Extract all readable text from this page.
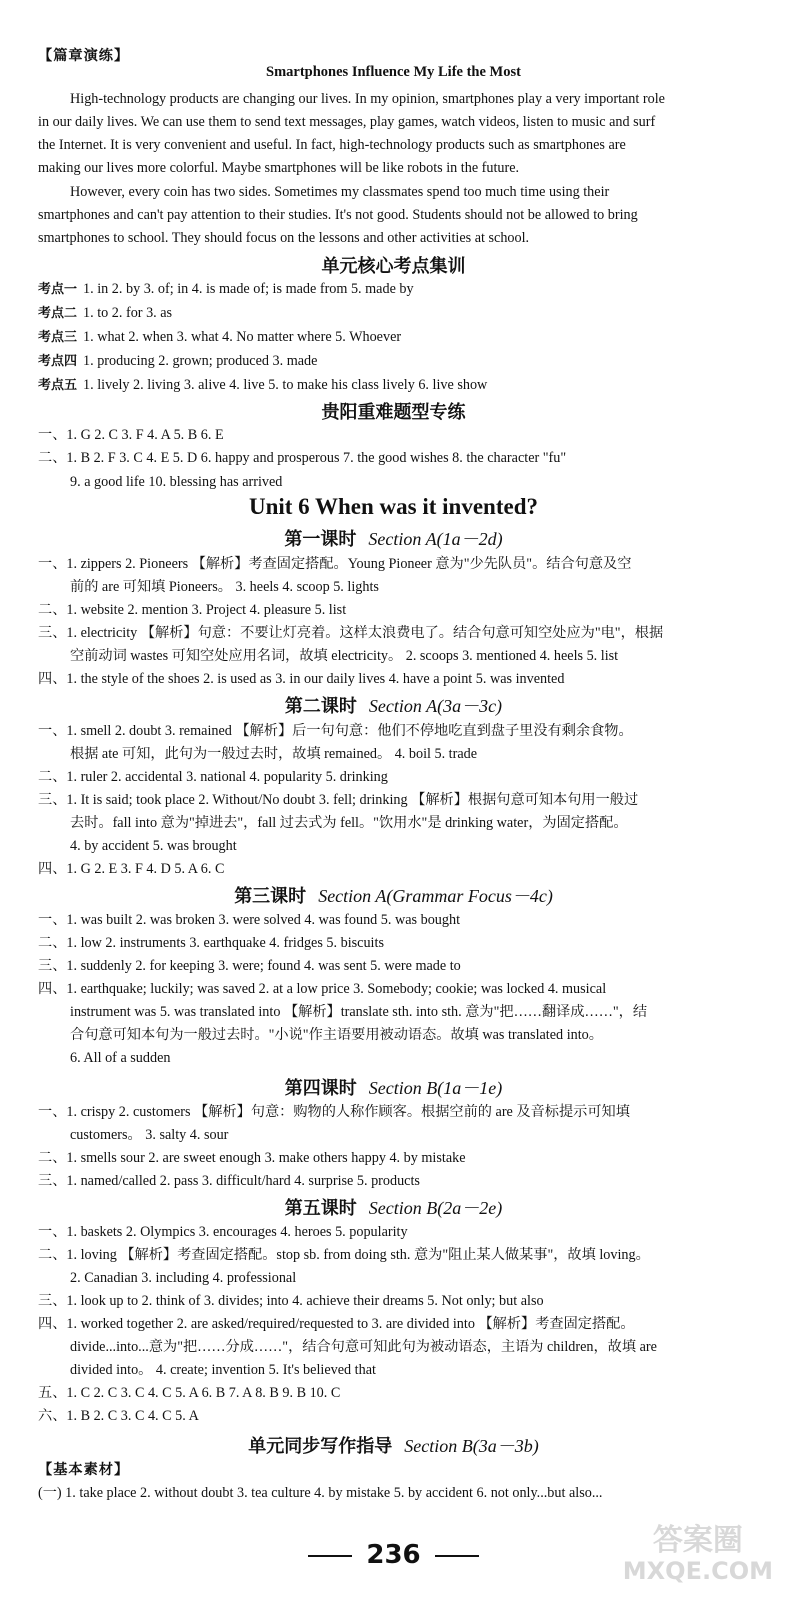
【篇章演练】
Smartphones Influence My Life the Most
High-technology products are changing our lives. In my opinion, smartphones play a very important role
in our daily lives. We can use them to send text messages, play games, watch videos, listen to music and surf
the Internet. It is very convenient and useful. In fact, high-technology products such as smartphones are
making our lives more colorful. Maybe smartphones will be like robots in the future.
However, every coin has two sides. Sometimes my classmates spend too much time using their
smartphones and can't pay attention to their studies. It's not good. Students should not be allowed to bring
smartphones to school. They should focus on the lessons and other activities at school.
单元核心考点集训
考点一 1. in 2. by 3. of; in 4. is made of; is made from 5. made by
考点二 1. to 2. for 3. as
考点三 1. what 2. when 3. what 4. No matter where 5. Whoever
考点四 1. producing 2. grown; produced 3. made
考点五 1. lively 2. living 3. alive 4. live 5. to make his class lively 6. live show
贵阳重难题型专练
一、1. G 2. C 3. F 4. A 5. B 6. E
二、1. B 2. F 3. C 4. E 5. D 6. happy and prosperous 7. the good wishes 8. the character "fu"
9. a good life 10. blessing has arrived
Unit 6 When was it invented?
第一课时 Section A(1a－2d)
一、1. zippers 2. Pioneers 【解析】考查固定搭配。Young Pioneer 意为"少先队员"。结合句意及空
前的 are 可知填 Pioneers。 3. heels 4. scoop 5. lights
二、1. website 2. mention 3. Project 4. pleasure 5. list
三、1. electricity 【解析】句意：不要让灯亮着。这样太浪费电了。结合句意可知空处应为"电"，根据
空前动词 wastes 可知空处应用名词，故填 electricity。 2. scoops 3. mentioned 4. heels 5. list
四、1. the style of the shoes 2. is used as 3. in our daily lives 4. have a point 5. was invented
第二课时 Section A(3a－3c)
一、1. smell 2. doubt 3. remained 【解析】后一句句意：他们不停地吃直到盘子里没有剩余食物。
根据 ate 可知，此句为一般过去时，故填 remained。 4. boil 5. trade
二、1. ruler 2. accidental 3. national 4. popularity 5. drinking
三、1. It is said; took place 2. Without/No doubt 3. fell; drinking 【解析】根据句意可知本句用一般过
去时。fall into 意为"掉进去"，fall 过去式为 fell。"饮用水"是 drinking water，为固定搭配。
4. by accident 5. was brought
四、1. G 2. E 3. F 4. D 5. A 6. C
第三课时 Section A(Grammar Focus－4c)
一、1. was built 2. was broken 3. were solved 4. was found 5. was bought
二、1. low 2. instruments 3. earthquake 4. fridges 5. biscuits
三、1. suddenly 2. for keeping 3. were; found 4. was sent 5. were made to
四、1. earthquake; luckily; was saved 2. at a low price 3. Somebody; cookie; was locked 4. musical
instrument was 5. was translated into 【解析】translate sth. into sth. 意为"把……翻译成……"，结
合句意可知本句为一般过去时。"小说"作主语要用被动语态。故填 was translated into。
6. All of a sudden
第四课时 Section B(1a－1e)
一、1. crispy 2. customers 【解析】句意：购物的人称作顾客。根据空前的 are 及音标提示可知填
customers。 3. salty 4. sour
二、1. smells sour 2. are sweet enough 3. make others happy 4. by mistake
三、1. named/called 2. pass 3. difficult/hard 4. surprise 5. products
第五课时 Section B(2a－2e)
一、1. baskets 2. Olympics 3. encourages 4. heroes 5. popularity
二、1. loving 【解析】考查固定搭配。stop sb. from doing sth. 意为"阻止某人做某事"，故填 loving。
2. Canadian 3. including 4. professional
三、1. look up to 2. think of 3. divides; into 4. achieve their dreams 5. Not only; but also
四、1. worked together 2. are asked/required/requested to 3. are divided into 【解析】考查固定搭配。
divide...into...意为"把……分成……"，结合句意可知此句为被动语态，主语为 children，故填 are
divided into。 4. create; invention 5. It's believed that
五、1. C 2. C 3. C 4. C 5. A 6. B 7. A 8. B 9. B 10. C
六、1. B 2. C 3. C 4. C 5. A
单元同步写作指导 Section B(3a－3b)
【基本素材】
(一) 1. take place 2. without doubt 3. tea culture 4. by mistake 5. by accident 6. not only...but also...
236	答案圈
MXQE.COM
